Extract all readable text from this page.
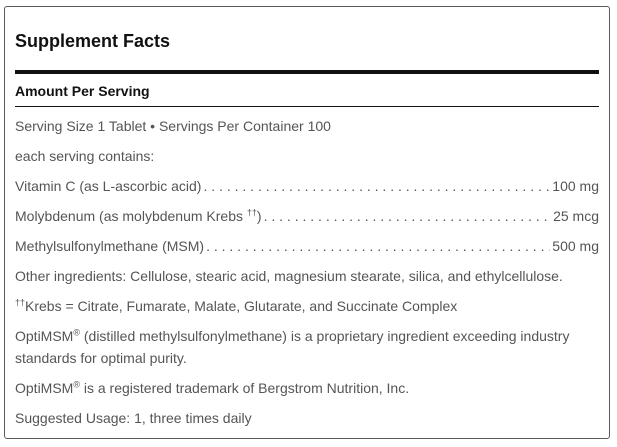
Supplement Facts
Amount Per Serving
Serving Size 1 Tablet • Servings Per Container 100
each serving contains:
Vitamin C (as L-ascorbic acid) . . .	100 mg
Molybdenum (as molybdenum Krebs ††) . . .	25 mcg
Methylsulfonylmethane (MSM) . . .	500 mg
Other ingredients: Cellulose, stearic acid, magnesium stearate, silica, and ethylcellulose.
††Krebs = Citrate, Fumarate, Malate, Glutarate, and Succinate Complex
OptiMSM® (distilled methylsulfonylmethane) is a proprietary ingredient exceeding industry standards for optimal purity.
OptiMSM® is a registered trademark of Bergstrom Nutrition, Inc.
Suggested Usage: 1, three times daily
